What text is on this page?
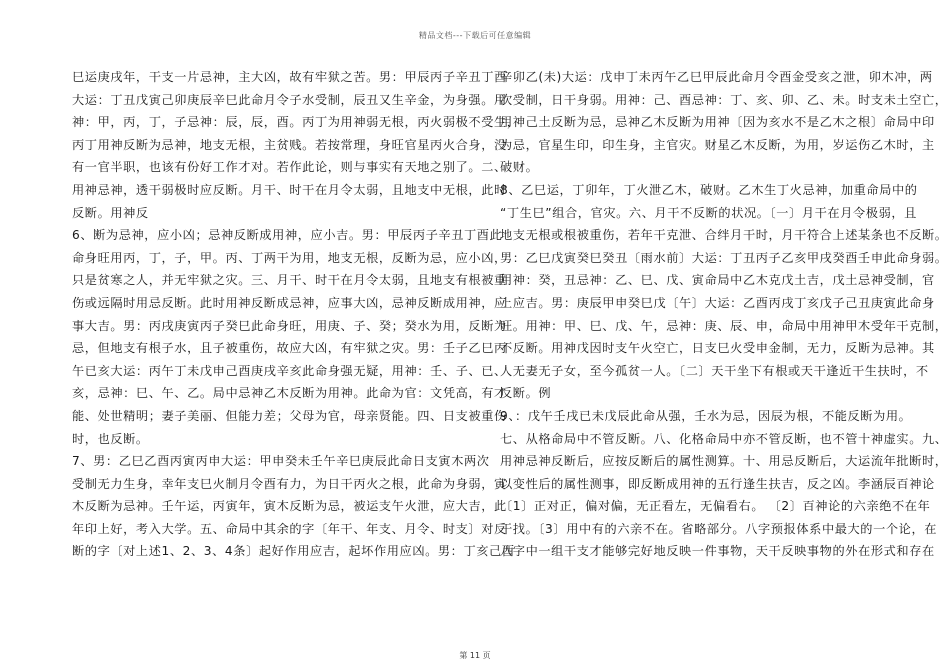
精品文档---下载后可任意编辑
巳运庚戌年，干支一片忌神，主大凶，故有牢狱之苦。男：甲辰丙子辛丑丁酉
大运：丁丑戊寅己卯庚辰辛巳此命月令子水受制，辰丑又生辛金，为身强。用
神：甲，丙，丁，子忌神：辰，辰，酉。丙丁为用神弱无根，丙火弱极不受生，
丙丁用神反断为忌神，地支无根，主贫贱。若按常理，身旺官星丙火合身，没
有一官半职，也该有份好工作才对。若作此论，则与事实有天地之别了。二、
用神忌神，透干弱极时应反断。月干、时干在月令太弱，且地支中无根，此时
反断。用神反
6、断为忌神，应小凶；忌神反断成用神，应小吉。男：甲辰丙子辛丑丁酉此
命身旺用丙，丁，子，甲。丙、丁两干为用，地支无根，反断为忌，应小凶，
只是贫寒之人，并无牢狱之灾。三、月干、时干在月令太弱，且地支有根被重
伤或远隔时用忌反断。此时用神反断成忌神，应事大凶，忌神反断成用神，应
事大吉。男：丙戌庚寅丙子癸巳此命身旺，用庚、子、癸；癸水为用，反断为
忌，但地支有根子水，且子被重伤，故应大凶，有牢狱之灾。男：壬子乙巳丙
午已亥大运：丙午丁未戊申己酉庚戌辛亥此命身强无疑，用神：壬、子、已、
亥，忌神：巳、午、乙。局中忌神乙木反断为用神。此命为官：文凭高，有才
能、处世精明；妻子美丽、但能力差；父母为官，母亲贤能。四、日支被重伤
时，也反断。
7、男：乙巳乙酉丙寅丙申大运：甲申癸未壬午辛巳庚辰此命日支寅木两次
受制无力生身，幸年支巳火制月令酉有力，为日干丙火之根，此命为身弱，寅
木反断为忌神。壬午运，丙寅年，寅木反断为忌，被运支午火泄，应大吉，此
年印上好，考入大学。五、命局中其余的字〔年干、年支、月令、时支〕对反
断的字〔对上述1、2、3、4条〕起好作用应吉，起坏作用应凶。男：丁亥己酉
辛卯乙(未)大运：戊申丁未丙午乙巳甲辰此命月令酉金受亥之泄，卯木冲，两
次受制，日干身弱。用神：己、酉忌神：丁、亥、卯、乙、未。时支未土空亡，
用神己土反断为忌，忌神乙木反断为用神〔因为亥水不是乙木之根〕命局中印
为忌，官星生印，印生身，主官灾。财星乙木反断，为用，岁运伤乙木时，主
破财。
8、乙巳运，丁卯年，丁火泄乙木，破财。乙木生丁火忌神，加重命局中的
“丁生巳”组合，官灾。六、月干不反断的状况。〔一〕月干在月令极弱，且
地支无根或根被重伤，若年干克泄、合绊月干时，月干符合上述某条也不反断。
男：乙巳戊寅癸巳癸丑〔雨水前〕大运：丁丑丙子乙亥甲戌癸酉壬申此命身弱。
用神：癸，丑忌神：乙、巳、戊、寅命局中乙木克戊土吉，戊土忌神受制，官
上应吉。男：庚辰甲申癸巳戊〔午〕大运：乙酉丙戌丁亥戊子己丑庚寅此命身
旺。用神：甲、巳、戊、午，忌神：庚、辰、申，命局中用神甲木受年干克制，
不反断。用神戊因时支午火空亡，日支巳火受申金制，无力，反断为忌神。其
人无妻无子女，至今孤贫一人。〔二〕天干坐下有根或天干逢近干生扶时，不
反断。例
9、：戊午壬戌已未戊辰此命从强，壬水为忌，因辰为根，不能反断为用。
七、从格命局中不管反断。八、化格命局中亦不管反断，也不管十神虚实。九、
用神忌神反断后，应按反断后的属性测算。十、用忌反断后，大运流年批断时，
以变性后的属性测事，即反断成用神的五行逢生扶吉，反之凶。李涵辰百神论
〔1〕正对正，偏对偏，无正看左，无偏看右。 〔2〕百神论的六亲绝不在年
干找。〔3〕用中有的六亲不在。省略部分。八字预报体系中最大的一个论，在
八字中一组干支才能够完好地反映一件事物，天干反映事物的外在形式和存在
第 11 页
